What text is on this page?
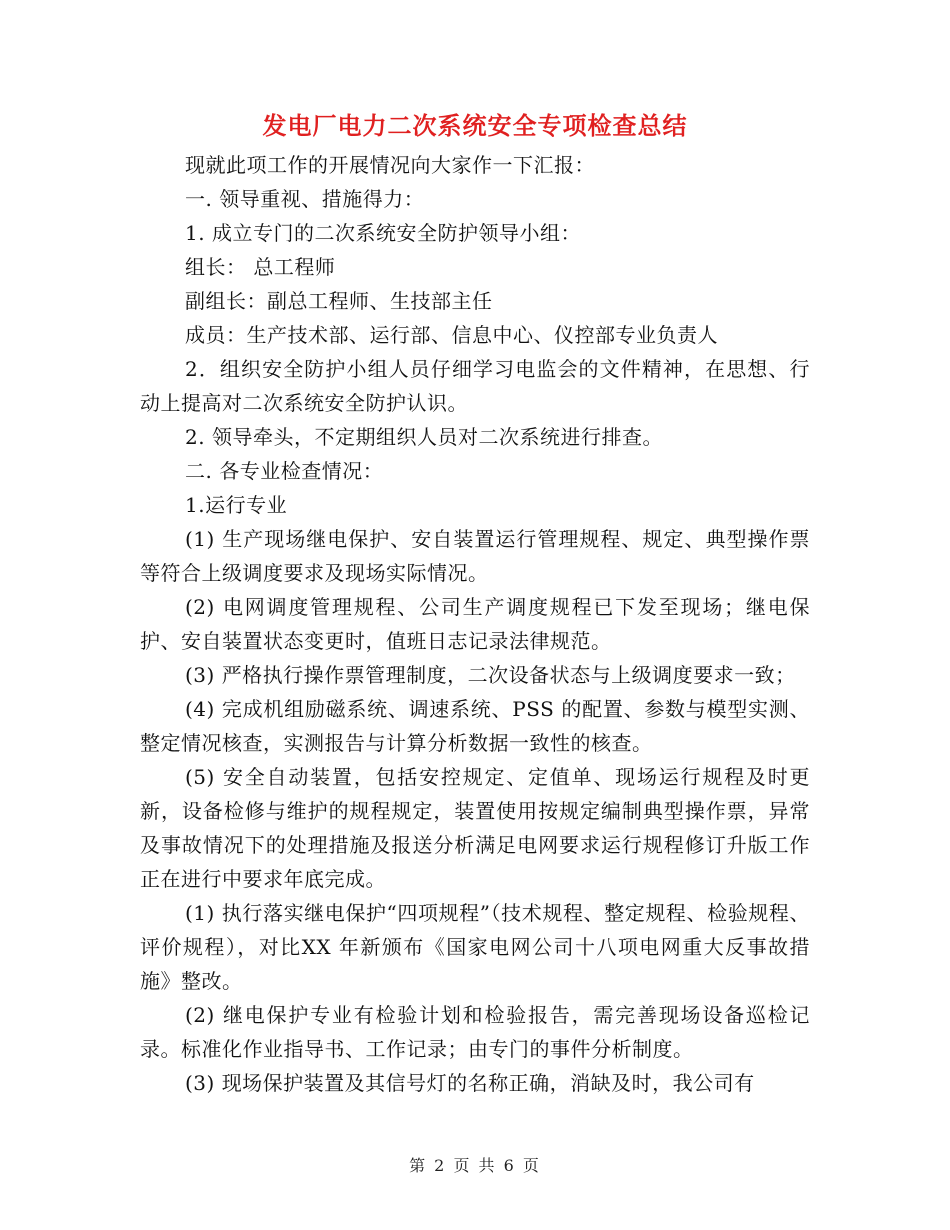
发电厂电力二次系统安全专项检查总结

现就此项工作的开展情况向大家作一下汇报：

一. 领导重视、措施得力：

1. 成立专门的二次系统安全防护领导小组：

组长： 总工程师

副组长：副总工程师、生技部主任

成员：生产技术部、运行部、信息中心、仪控部专业负责人

2．组织安全防护小组人员仔细学习电监会的文件精神，在思想、行动上提高对二次系统安全防护认识。

2. 领导牵头，不定期组织人员对二次系统进行排查。

二. 各专业检查情况：

1.运行专业

(1) 生产现场继电保护、安自装置运行管理规程、规定、典型操作票等符合上级调度要求及现场实际情况。

(2) 电网调度管理规程、公司生产调度规程已下发至现场；继电保护、安自装置状态变更时，值班日志记录法律规范。

(3) 严格执行操作票管理制度，二次设备状态与上级调度要求一致；

(4) 完成机组励磁系统、调速系统、PSS 的配置、参数与模型实测、整定情况核查，实测报告与计算分析数据一致性的核查。

(5) 安全自动装置，包括安控规定、定值单、现场运行规程及时更新，设备检修与维护的规程规定，装置使用按规定编制典型操作票，异常及事故情况下的处理措施及报送分析满足电网要求运行规程修订升版工作正在进行中要求年底完成。

(1) 执行落实继电保护“四项规程”（技术规程、整定规程、检验规程、评价规程），对比XX 年新颁布《国家电网公司十八项电网重大反事故措施》整改。

(2) 继电保护专业有检验计划和检验报告，需完善现场设备巡检记录。标准化作业指导书、工作记录；由专门的事件分析制度。

(3) 现场保护装置及其信号灯的名称正确，消缺及时，我公司有

第 2 页 共 6 页
